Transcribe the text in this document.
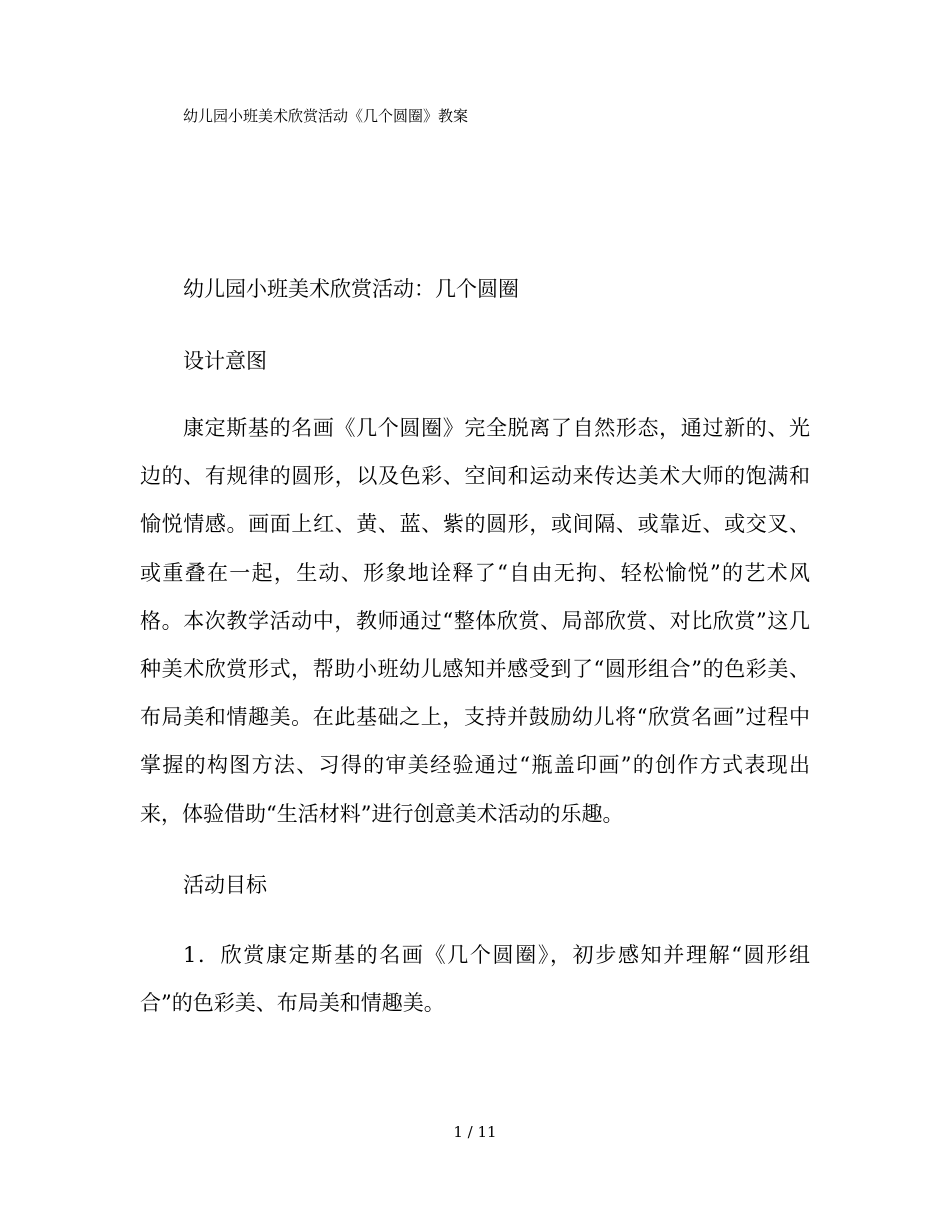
幼儿园小班美术欣赏活动《几个圆圈》教案

幼儿园小班美术欣赏活动：几个圆圈

设计意图

康定斯基的名画《几个圆圈》完全脱离了自然形态，通过新的、光边的、有规律的圆形，以及色彩、空间和运动来传达美术大师的饱满和愉悦情感。画面上红、黄、蓝、紫的圆形，或间隔、或靠近、或交叉、或重叠在一起，生动、形象地诠释了“自由无拘、轻松愉悦”的艺术风格。本次教学活动中，教师通过“整体欣赏、局部欣赏、对比欣赏”这几种美术欣赏形式，帮助小班幼儿感知并感受到了“圆形组合”的色彩美、布局美和情趣美。在此基础之上，支持并鼓励幼儿将“欣赏名画”过程中掌握的构图方法、习得的审美经验通过“瓶盖印画”的创作方式表现出来，体验借助“生活材料”进行创意美术活动的乐趣。

活动目标

1．欣赏康定斯基的名画《几个圆圈》，初步感知并理解“圆形组合”的色彩美、布局美和情趣美。

1 / 11
